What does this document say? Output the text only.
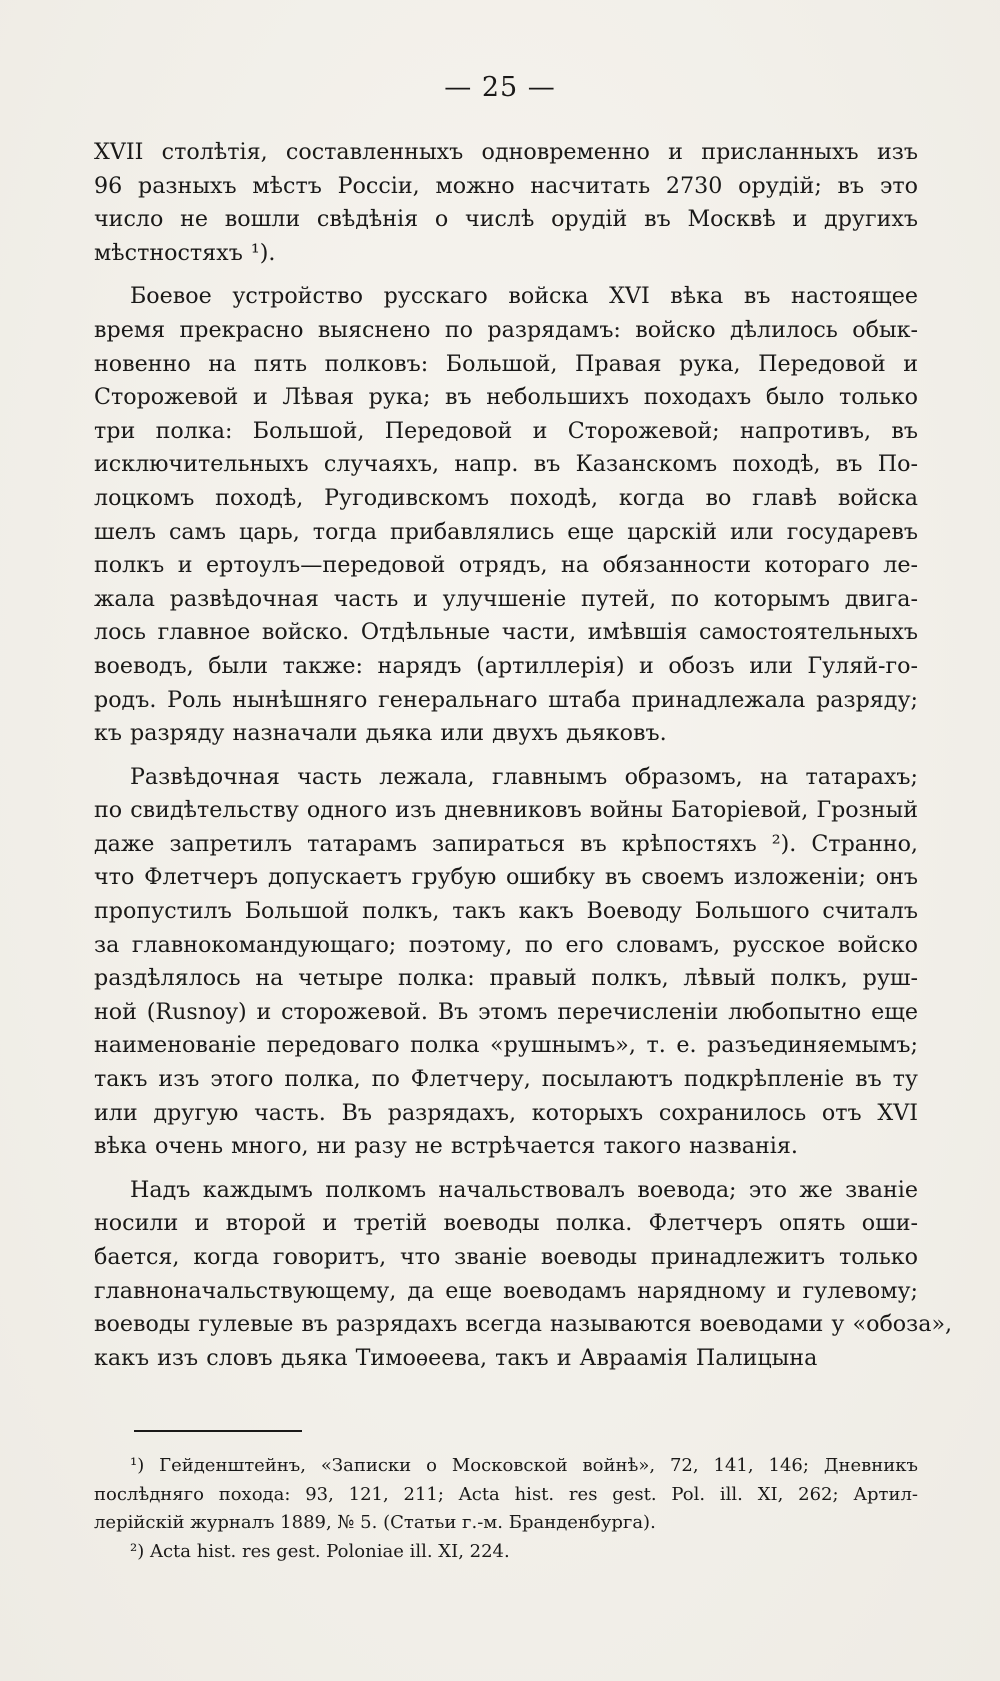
— 25 —
XVII столѣтія, составленныхъ одновременно и присланныхъ изъ
96 разныхъ мѣстъ Россіи, можно насчитать 2730 орудій; въ это
число не вошли свѣдѣнія о числѣ орудій въ Москвѣ и другихъ
мѣстностяхъ ¹).
Боевое устройство русскаго войска XVI вѣка въ настоящее
время прекрасно выяснено по разрядамъ: войско дѣлилось обык-
новенно на пять полковъ: Большой, Правая рука, Передовой и
Сторожевой и Лѣвая рука; въ небольшихъ походахъ было только
три полка: Большой, Передовой и Сторожевой; напротивъ, въ
исключительныхъ случаяхъ, напр. въ Казанскомъ походѣ, въ По-
лоцкомъ походѣ, Ругодивскомъ походѣ, когда во главѣ войска
шелъ самъ царь, тогда прибавлялись еще царскій или государевъ
полкъ и ертоулъ—передовой отрядъ, на обязанности котораго ле-
жала развѣдочная часть и улучшеніе путей, по которымъ двига-
лось главное войско. Отдѣльные части, имѣвшія самостоятельныхъ
воеводъ, были также: нарядъ (артиллерія) и обозъ или Гуляй-го-
родъ. Роль нынѣшняго генеральнаго штаба принадлежала разряду;
къ разряду назначали дьяка или двухъ дьяковъ.
Развѣдочная часть лежала, главнымъ образомъ, на татарахъ;
по свидѣтельству одного изъ дневниковъ войны Баторіевой, Грозный
даже запретилъ татарамъ запираться въ крѣпостяхъ ²). Странно,
что Флетчеръ допускаетъ грубую ошибку въ своемъ изложеніи; онъ
пропустилъ Большой полкъ, такъ какъ Воеводу Большого считалъ
за главнокомандующаго; поэтому, по его словамъ, русское войско
раздѣлялось на четыре полка: правый полкъ, лѣвый полкъ, руш-
ной (Rusnoy) и сторожевой. Въ этомъ перечисленіи любопытно еще
наименованіе передоваго полка «рушнымъ», т. е. разъединяемымъ;
такъ изъ этого полка, по Флетчеру, посылаютъ подкрѣпленіе въ ту
или другую часть. Въ разрядахъ, которыхъ сохранилось отъ XVI
вѣка очень много, ни разу не встрѣчается такого названія.
Надъ каждымъ полкомъ начальствовалъ воевода; это же званіе
носили и второй и третій воеводы полка. Флетчеръ опять оши-
бается, когда говоритъ, что званіе воеводы принадлежитъ только
главноначальствующему, да еще воеводамъ нарядному и гулевому;
воеводы гулевые въ разрядахъ всегда называются воеводами у «обоза»,
какъ изъ словъ дьяка Тимоѳеева, такъ и Авраамія Палицына
¹) Гейденштейнъ, «Записки о Московской войнѣ», 72, 141, 146; Дневникъ
послѣдняго похода: 93, 121, 211; Acta hist. res gest. Pol. ill. XI, 262; Артил-
лерійскій журналъ 1889, № 5. (Статьи г.-м. Бранденбурга).
²) Acta hist. res gest. Poloniae ill. XI, 224.
